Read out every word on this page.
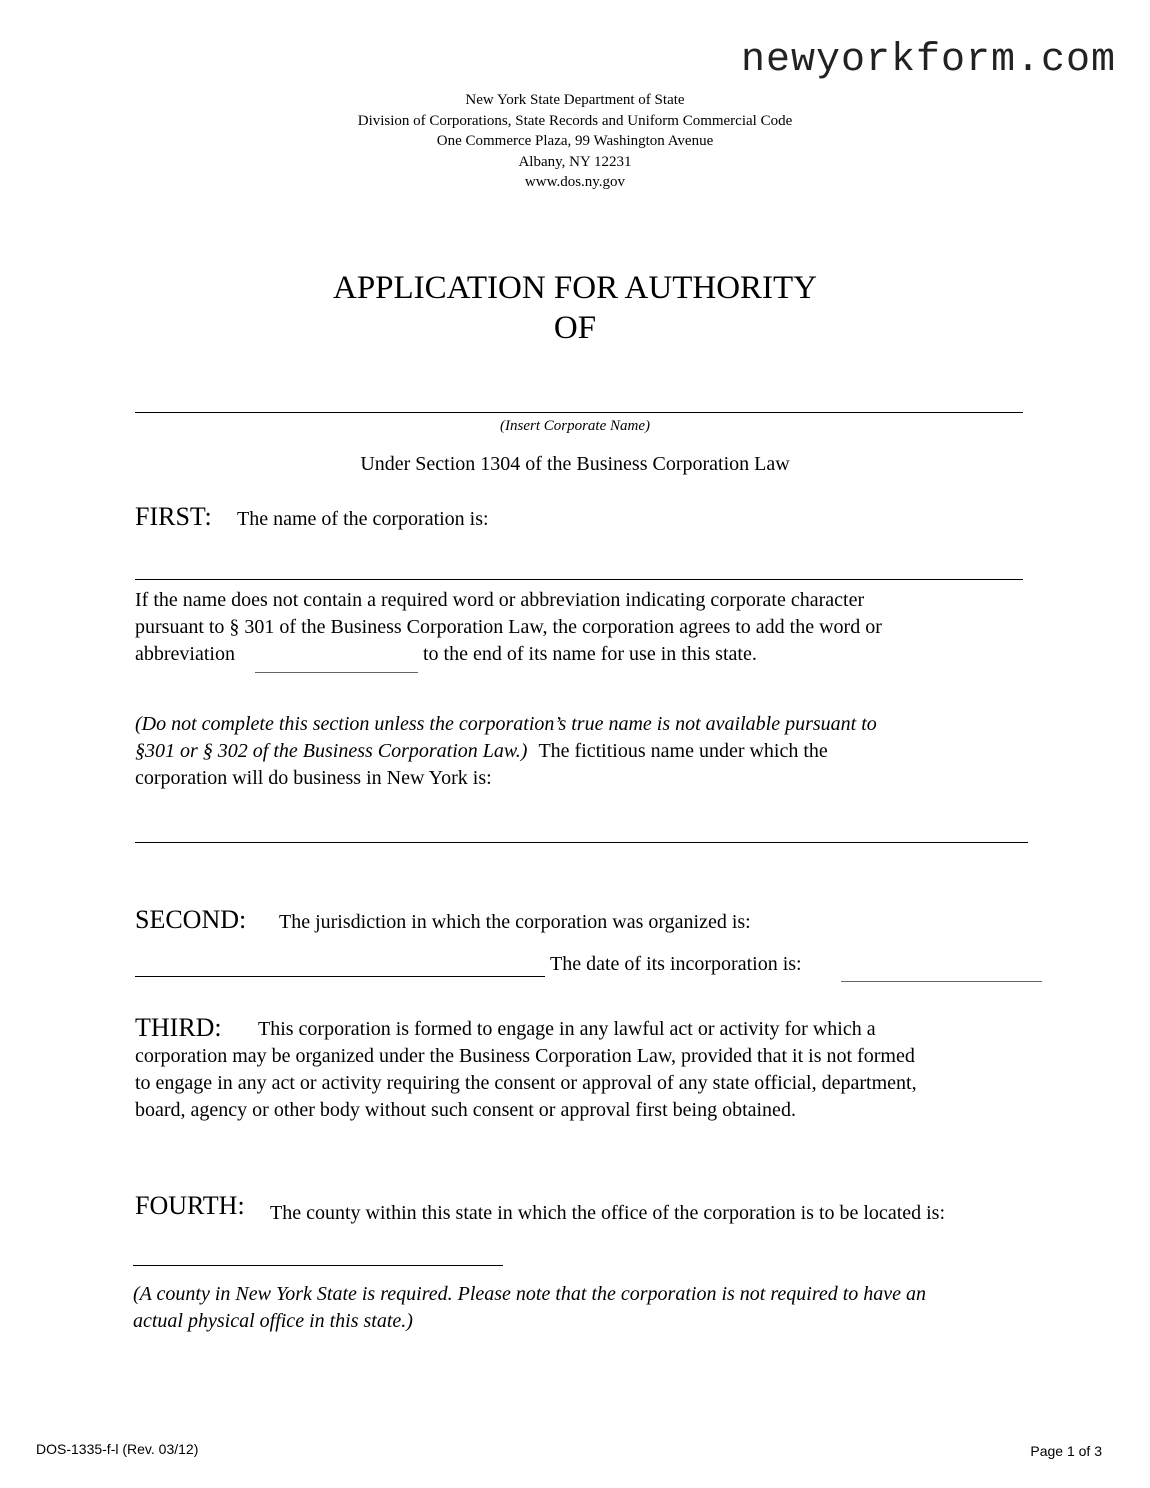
newyorkform.com
New York State Department of State
Division of Corporations, State Records and Uniform Commercial Code
One Commerce Plaza, 99 Washington Avenue
Albany, NY 12231
www.dos.ny.gov
APPLICATION FOR AUTHORITY
OF
(Insert Corporate Name)
Under Section 1304 of the Business Corporation Law
FIRST: The name of the corporation is:
If the name does not contain a required word or abbreviation indicating corporate character
pursuant to § 301 of the Business Corporation Law, the corporation agrees to add the word or
abbreviation	to the end of its name for use in this state.
(Do not complete this section unless the corporation’s true name is not available pursuant to
§301 or § 302 of the Business Corporation Law.) The fictitious name under which the
corporation will do business in New York is:
SECOND: The jurisdiction in which the corporation was organized is:
The date of its incorporation is:
THIRD: This corporation is formed to engage in any lawful act or activity for which a
corporation may be organized under the Business Corporation Law, provided that it is not formed
to engage in any act or activity requiring the consent or approval of any state official, department,
board, agency or other body without such consent or approval first being obtained.
FOURTH: The county within this state in which the office of the corporation is to be located is:
(A county in New York State is required. Please note that the corporation is not required to have an
actual physical office in this state.)
DOS-1335-f-l (Rev. 03/12)	Page 1 of 3
